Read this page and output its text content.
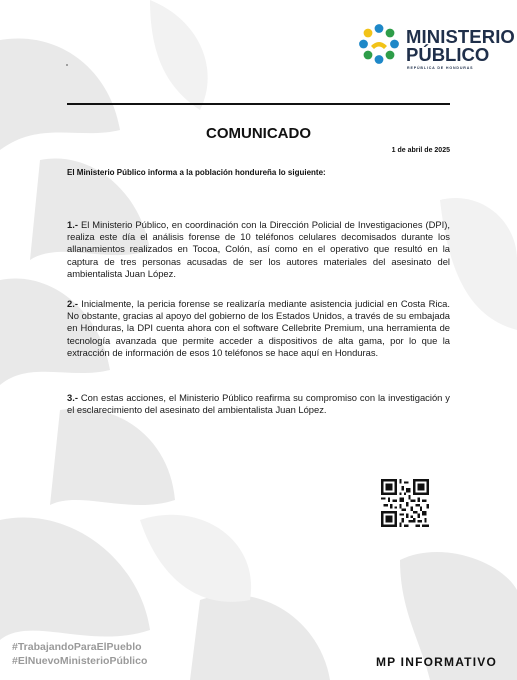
MINISTERIO
PÚBLICO
REPÚBLICA DE HONDURAS
COMUNICADO
1 de abril de 2025
El Ministerio Público informa a la población hondureña lo siguiente:
1.- El Ministerio Público, en coordinación con la Dirección Policial de Investigaciones (DPI), realiza este día el análisis forense de 10 teléfonos celulares decomisados durante los allanamientos realizados en Tocoa, Colón, así como en el operativo que resultó en la captura de tres personas acusadas de ser los autores materiales del asesinato del ambientalista Juan López.
2.- Inicialmente, la pericia forense se realizaría mediante asistencia judicial en Costa Rica. No obstante, gracias al apoyo del gobierno de los Estados Unidos, a través de su embajada en Honduras, la DPI cuenta ahora con el software Cellebrite Premium, una herramienta de tecnología avanzada que permite acceder a dispositivos de alta gama, por lo que la extracción de información de esos 10 teléfonos se hace aquí en Honduras.
3.- Con estas acciones, el Ministerio Público reafirma su compromiso con la investigación y el esclarecimiento del asesinato del ambientalista Juan López.
#TrabajandoParaElPueblo
#ElNuevoMinisterioPúblico	MP INFORMATIVO
